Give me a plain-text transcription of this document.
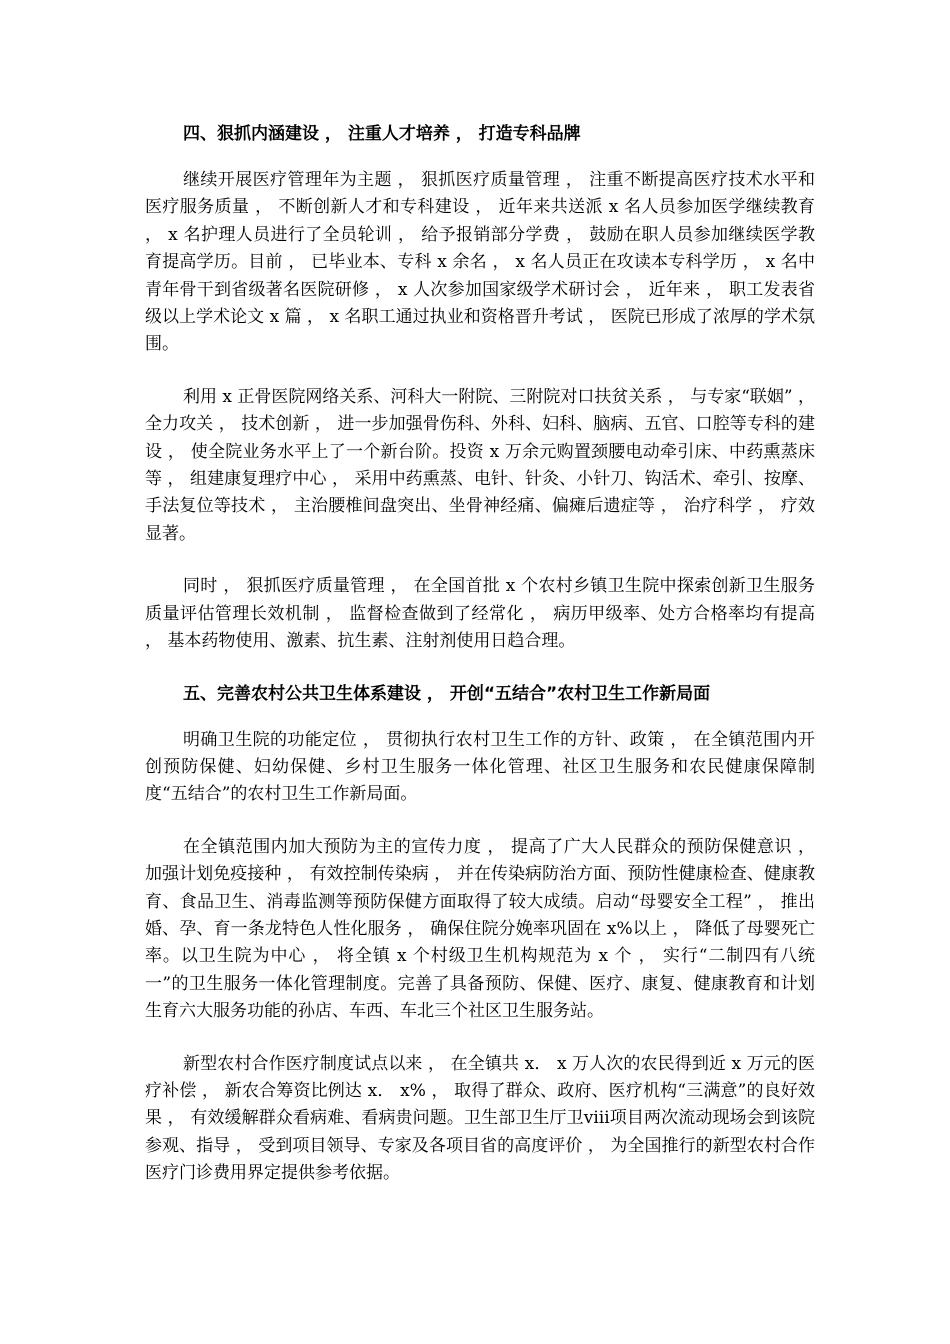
四、狠抓内涵建设 ， 注重人才培养 ， 打造专科品牌

继续开展医疗管理年为主题 ， 狠抓医疗质量管理 ， 注重不断提高医疗技术水平和医疗服务质量 ， 不断创新人才和专科建设 ， 近年来共送派 x 名人员参加医学继续教育 ， x 名护理人员进行了全员轮训 ， 给予报销部分学费 ， 鼓励在职人员参加继续医学教育提高学历。目前 ， 已毕业本、专科 x 余名 ， x 名人员正在攻读本专科学历 ， x 名中青年骨干到省级著名医院研修 ， x 人次参加国家级学术研讨会 ， 近年来 ， 职工发表省级以上学术论文 x 篇 ， x 名职工通过执业和资格晋升考试 ， 医院已形成了浓厚的学术氛围。

利用 x 正骨医院网络关系、河科大一附院、三附院对口扶贫关系 ， 与专家“联姻” ， 全力攻关 ， 技术创新 ， 进一步加强骨伤科、外科、妇科、脑病、五官、口腔等专科的建设 ， 使全院业务水平上了一个新台阶。投资 x 万余元购置颈腰电动牵引床、中药熏蒸床等 ， 组建康复理疗中心 ， 采用中药熏蒸、电针、针灸、小针刀、钩活术、牵引、按摩、手法复位等技术 ， 主治腰椎间盘突出、坐骨神经痛、偏瘫后遗症等 ， 治疗科学 ， 疗效显著。

同时 ， 狠抓医疗质量管理 ， 在全国首批 x 个农村乡镇卫生院中探索创新卫生服务质量评估管理长效机制 ， 监督检查做到了经常化 ， 病历甲级率、处方合格率均有提高 ， 基本药物使用、激素、抗生素、注射剂使用日趋合理。

五、完善农村公共卫生体系建设 ， 开创“五结合”农村卫生工作新局面

明确卫生院的功能定位 ， 贯彻执行农村卫生工作的方针、政策 ， 在全镇范围内开创预防保健、妇幼保健、乡村卫生服务一体化管理、社区卫生服务和农民健康保障制度“五结合”的农村卫生工作新局面。

在全镇范围内加大预防为主的宣传力度 ， 提高了广大人民群众的预防保健意识 ， 加强计划免疫接种 ， 有效控制传染病 ， 并在传染病防治方面、预防性健康检查、健康教育、食品卫生、消毒监测等预防保健方面取得了较大成绩。启动“母婴安全工程” ， 推出婚、孕、育一条龙特色人性化服务 ， 确保住院分娩率巩固在 x%以上 ， 降低了母婴死亡率。以卫生院为中心 ， 将全镇 x 个村级卫生机构规范为 x 个 ， 实行“二制四有八统一”的卫生服务一体化管理制度。完善了具备预防、保健、医疗、康复、健康教育和计划生育六大服务功能的孙店、车西、车北三个社区卫生服务站。

新型农村合作医疗制度试点以来 ， 在全镇共 x． x 万人次的农民得到近 x 万元的医疗补偿 ， 新农合筹资比例达 x． x% ， 取得了群众、政府、医疗机构“三满意”的良好效果 ， 有效缓解群众看病难、看病贵问题。卫生部卫生厅卫ⅷ项目两次流动现场会到该院参观、指导 ， 受到项目领导、专家及各项目省的高度评价 ， 为全国推行的新型农村合作医疗门诊费用界定提供参考依据。
